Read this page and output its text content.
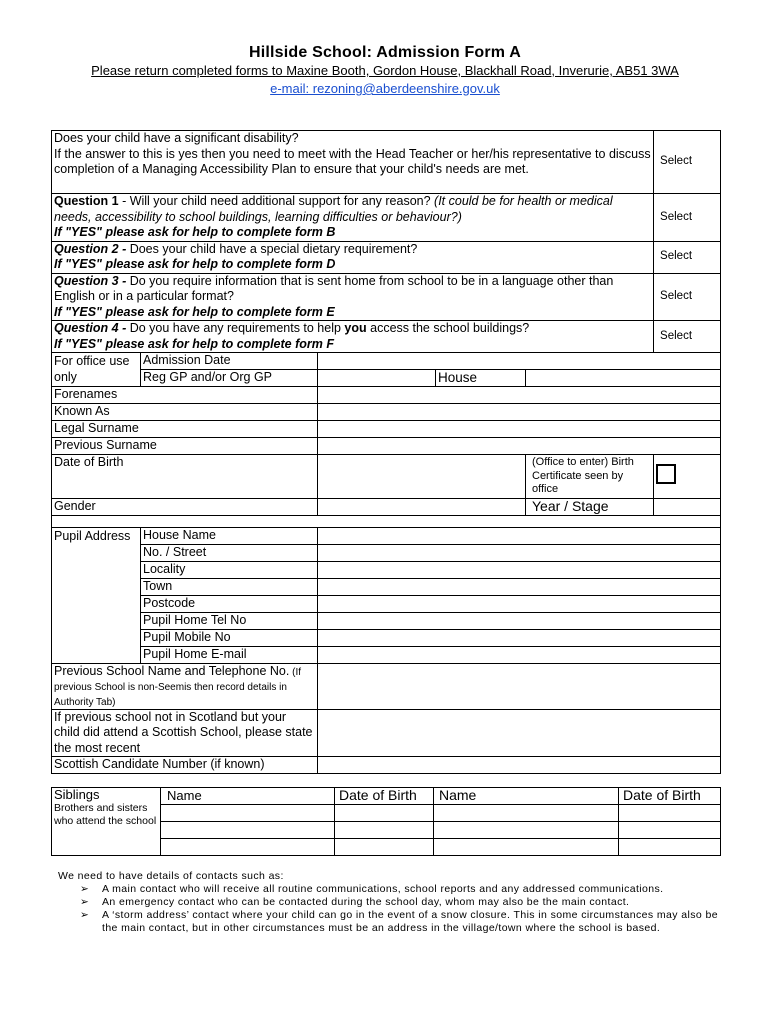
Hillside School: Admission Form A
Please return completed forms to Maxine Booth, Gordon House, Blackhall Road, Inverurie, AB51 3WA
e-mail: rezoning@aberdeenshire.gov.uk
Does your child have a significant disability?
If the answer to this is yes then you need to meet with the Head Teacher or her/his representative to discuss completion of a Managing Accessibility Plan to ensure that your child's needs are met.					Select
Question 1 - Will your child need additional support for any reason? (It could be for health or medical needs, accessibility to school buildings, learning difficulties or behaviour?)
If "YES" please ask for help to complete form B					Select
Question 2 - Does your child have a special dietary requirement?
If "YES" please ask for help to complete form D					Select
Question 3 - Do you require information that is sent home from school to be in a language other than English or in a particular format?
If "YES" please ask for help to complete form E					Select
Question 4 - Do you have any requirements to help you access the school buildings?
If "YES" please ask for help to complete form F					Select
For office use only	Admission Date				
	Reg GP and/or Org GP		House		
Forenames					
Known As					
Legal Surname					
Previous Surname					
Date of Birth				(Office to enter) Birth Certificate seen by office	
Gender				Year / Stage	

Pupil Address	House Name				
	No. / Street				
	Locality				
	Town				
	Postcode				
	Pupil Home Tel No				
	Pupil Mobile No				
	Pupil Home E-mail				
Previous School Name and Telephone No. (If previous School is non-Seemis then record details in Authority Tab)					
If previous school not in Scotland but your child did attend a Scottish School, please state the most recent					
Scottish Candidate Number (if known)					
Siblings
Brothers and sisters who attend the school	Name	Date of Birth	Name	Date of Birth

We need to have details of contacts such as:
➢ A main contact who will receive all routine communications, school reports and any addressed communications.
➢ An emergency contact who can be contacted during the school day, whom may also be the main contact.
➢ A ‘storm address’ contact where your child can go in the event of a snow closure. This in some circumstances may also be the main contact, but in other circumstances must be an address in the village/town where the school is based.
